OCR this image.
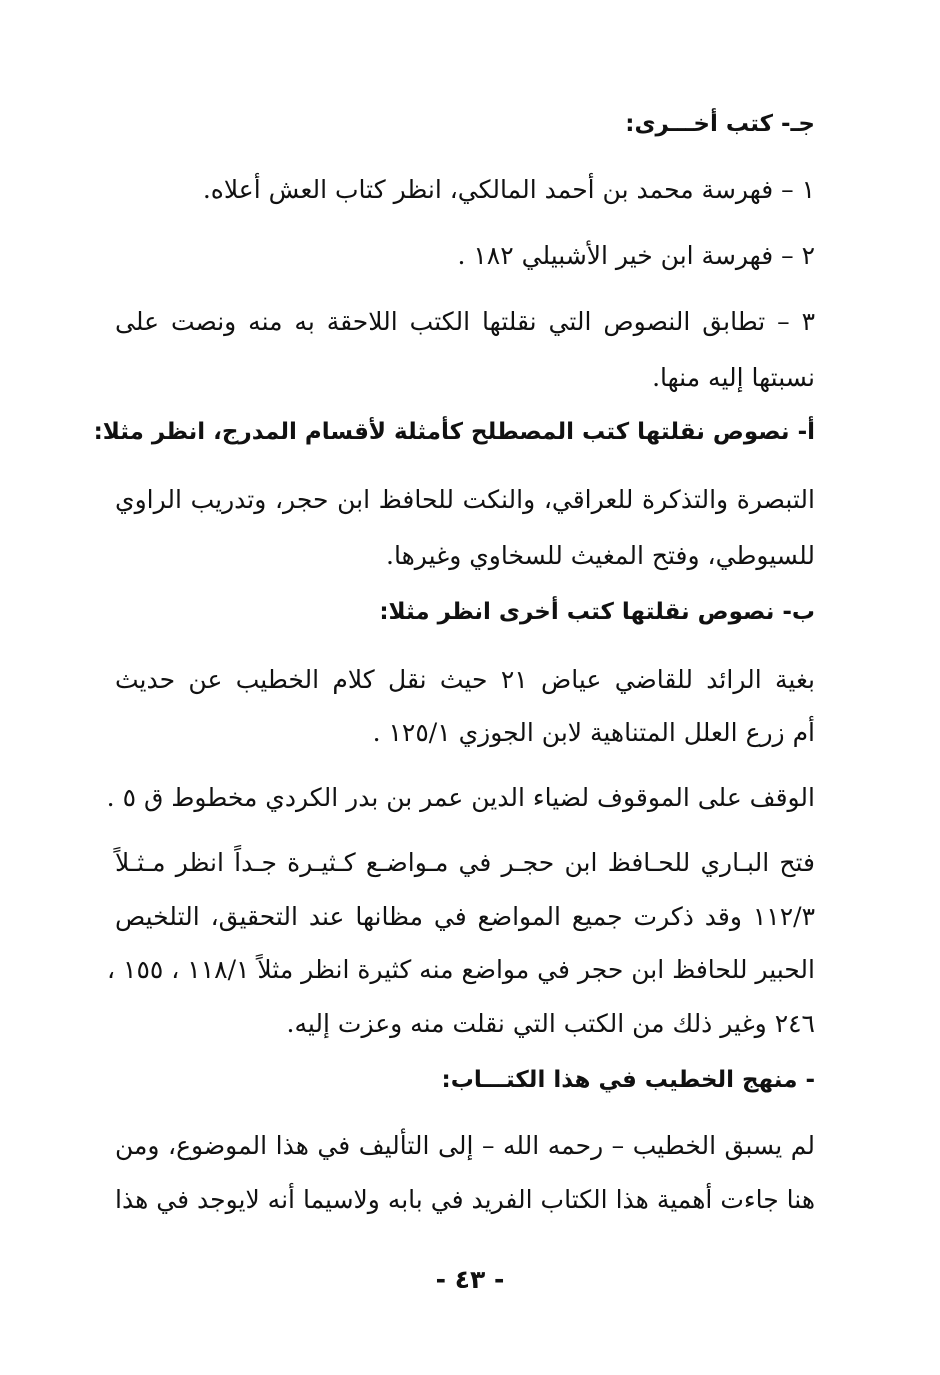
جـ- كتب أخـــرى:
١ – فهرسة محمد بن أحمد المالكي، انظر كتاب العش أعلاه.
٢ – فهرسة ابن خير الأشبيلي ١٨٢ .
٣ – تطابق النصوص التي نقلتها الكتب اللاحقة به منه ونصت على
نسبتها إليه منها.
أ- نصوص نقلتها كتب المصطلح كأمثلة لأقسام المدرج، انظر مثلا:
التبصرة والتذكرة للعراقي، والنكت للحافظ ابن حجر، وتدريب الراوي
للسيوطي، وفتح المغيث للسخاوي وغيرها.
ب- نصوص نقلتها كتب أخرى انظر مثلا:
بغية الرائد للقاضي عياض ٢١ حيث نقل كلام الخطيب عن حديث
أم زرع العلل المتناهية لابن الجوزي ١٢٥/١ .
الوقف على الموقوف لضياء الدين عمر بن بدر الكردي مخطوط ق ٥ .
فتح البـاري للحـافظ ابن حجـر في مـواضـع كـثيـرة جـداً انظر مـثـلاً
١١٢/٣ وقد ذكرت جميع المواضع في مظانها عند التحقيق، التلخيص
الحبير للحافظ ابن حجر في مواضع منه كثيرة انظر مثلاً ١١٨/١ ، ١٥٥ ،
٢٤٦ وغير ذلك من الكتب التي نقلت منه وعزت إليه.
- منهج الخطيب في هذا الكتـــاب:
لم يسبق الخطيب – رحمه الله – إلى التأليف في هذا الموضوع، ومن
هنا جاءت أهمية هذا الكتاب الفريد في بابه ولاسيما أنه لايوجد في هذا
- ٤٣ -
